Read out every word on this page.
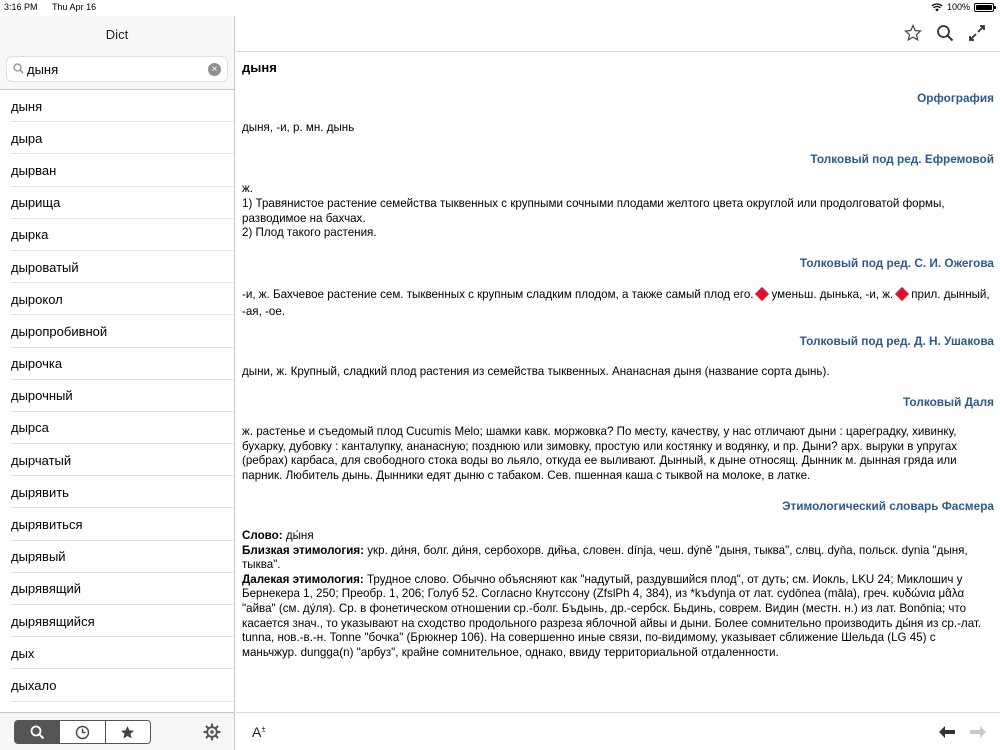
3:16 PM Thu Apr 16	100%
Dict
дыня
×
дыня
дыра
дырван
дырища
дырка
дыроватый
дырокол
дыропробивной
дырочка
дырочный
дырса
дырчатый
дырявить
дырявиться
дырявый
дырявящий
дырявящийся
дых
дыхало
дыня
Орфография
дыня, -и, р. мн. дынь
Толковый под ред. Ефремовой
ж.
1) Травянистое растение семейства тыквенных с крупными сочными плодами желтого цвета округлой или продолговатой формы, разводимое на бахчах.
2) Плод такого растения.
Толковый под ред. С. И. Ожегова
-и, ж. Бахчевое растение сем. тыквенных с крупным сладким плодом, а также самый плод его. уменьш. дынька, -и, ж. прил. дынный, -ая, -ое.
Толковый под ред. Д. Н. Ушакова
дыни, ж. Крупный, сладкий плод растения из семейства тыквенных. Ананасная дыня (название сорта дынь).
Толковый Даля
ж. растенье и съедомый плод Cucumis Melo; шамки кавк. моржовка? По месту, качеству, у нас отличают дыни : цареградку, хивинку, бухарку, дубовку : канталупку, ананасную; позднюю или зимовку, простую или костянку и водянку, и пр. Дыни? арх. выруки в упругах (ребрах) карбаса, для свободного стока воды во льяло, откуда ее выливают. Дынный, к дыне относящ. Дынник м. дынная гряда или парник. Любитель дынь. Дынники едят дыню с табаком. Сев. пшенная каша с тыквой на молоке, в латке.
Этимологический словарь Фасмера
Слово: ды́ня
Близкая этимология: укр. ди́ня, болг. ди́ня, сербохорв. ди̏ња, словен. dínja, чеш. dýně "дыня, тыква", слвц. dyňa, польск. dynia "дыня, тыква".
Далекая этимология: Трудное слово. Обычно объясняют как "надутый, раздувшийся плод", от дуть; см. Иокль, LKU 24; Миклошич у Бернекера 1, 250; Преобр. 1, 206; Голуб 52. Согласно Кнутссону (ZfslPh 4, 384), из *kъdynja от лат. cydōnea (māla), греч. κυδώνια μᾶλα "айва" (см. ду́ля). Ср. в фонетическом отношении ср.-болг. Бъдынь, др.-сербск. Бьдинь, соврем. Видин (местн. н.) из лат. Bonōnia; что касается знач., то указывают на сходство продольного разреза яблочной айвы и дыни. Более сомнительно производить ды́ня из ср.-лат. tunna, нов.-в.-н. Tonne "бочка" (Брюкнер 106). На совершенно иные связи, по-видимому, указывает сближение Шельда (LG 45) с маньчжур. dungga(n) "арбуз", крайне сомнительное, однако, ввиду территориальной отдаленности.
A±
